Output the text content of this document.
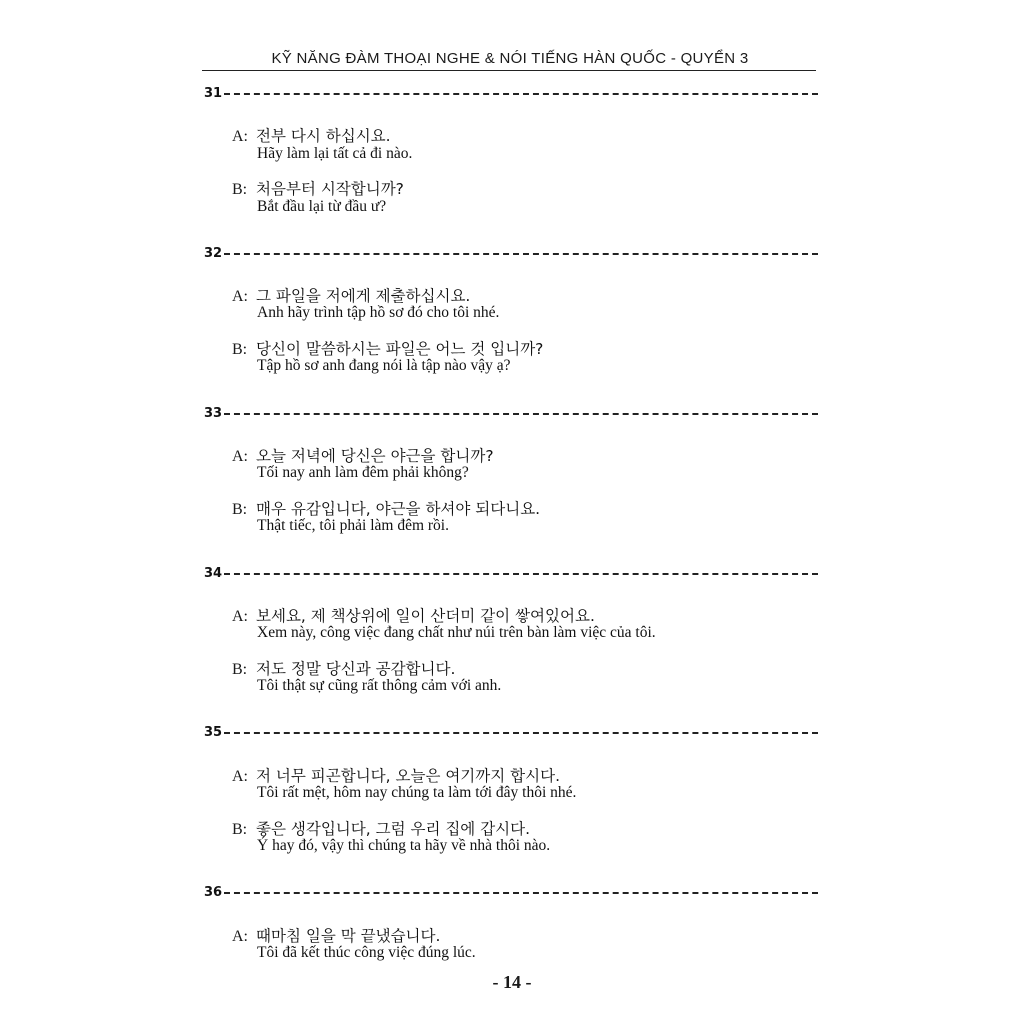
KỸ NĂNG ĐÀM THOẠI NGHE & NÓI TIẾNG HÀN QUỐC - QUYỂN 3
31
A: 전부 다시 하십시요.
Hãy làm lại tất cả đi nào.
B: 처음부터 시작합니까?
Bắt đầu lại từ đầu ư?
32
A: 그 파일을 저에게 제출하십시요.
Anh hãy trình tập hồ sơ đó cho tôi nhé.
B: 당신이 말씀하시는 파일은 어느 것 입니까?
Tập hồ sơ anh đang nói là tập nào vậy ạ?
33
A: 오늘 저녁에 당신은 야근을 합니까?
Tối nay anh làm đêm phải không?
B: 매우 유감입니다, 야근을 하셔야 되다니요.
Thật tiếc, tôi phải làm đêm rồi.
34
A: 보세요, 제 책상위에 일이 산더미 같이 쌓여있어요.
Xem này, công việc đang chất như núi trên bàn làm việc của tôi.
B: 저도 정말 당신과 공감합니다.
Tôi thật sự cũng rất thông cảm với anh.
35
A: 저 너무 피곤합니다, 오늘은 여기까지 합시다.
Tôi rất mệt, hôm nay chúng ta làm tới đây thôi nhé.
B: 좋은 생각입니다, 그럼 우리 집에 갑시다.
Ý hay đó, vậy thì chúng ta hãy về nhà thôi nào.
36
A: 때마침 일을 막 끝냈습니다.
Tôi đã kết thúc công việc đúng lúc.
- 14 -
